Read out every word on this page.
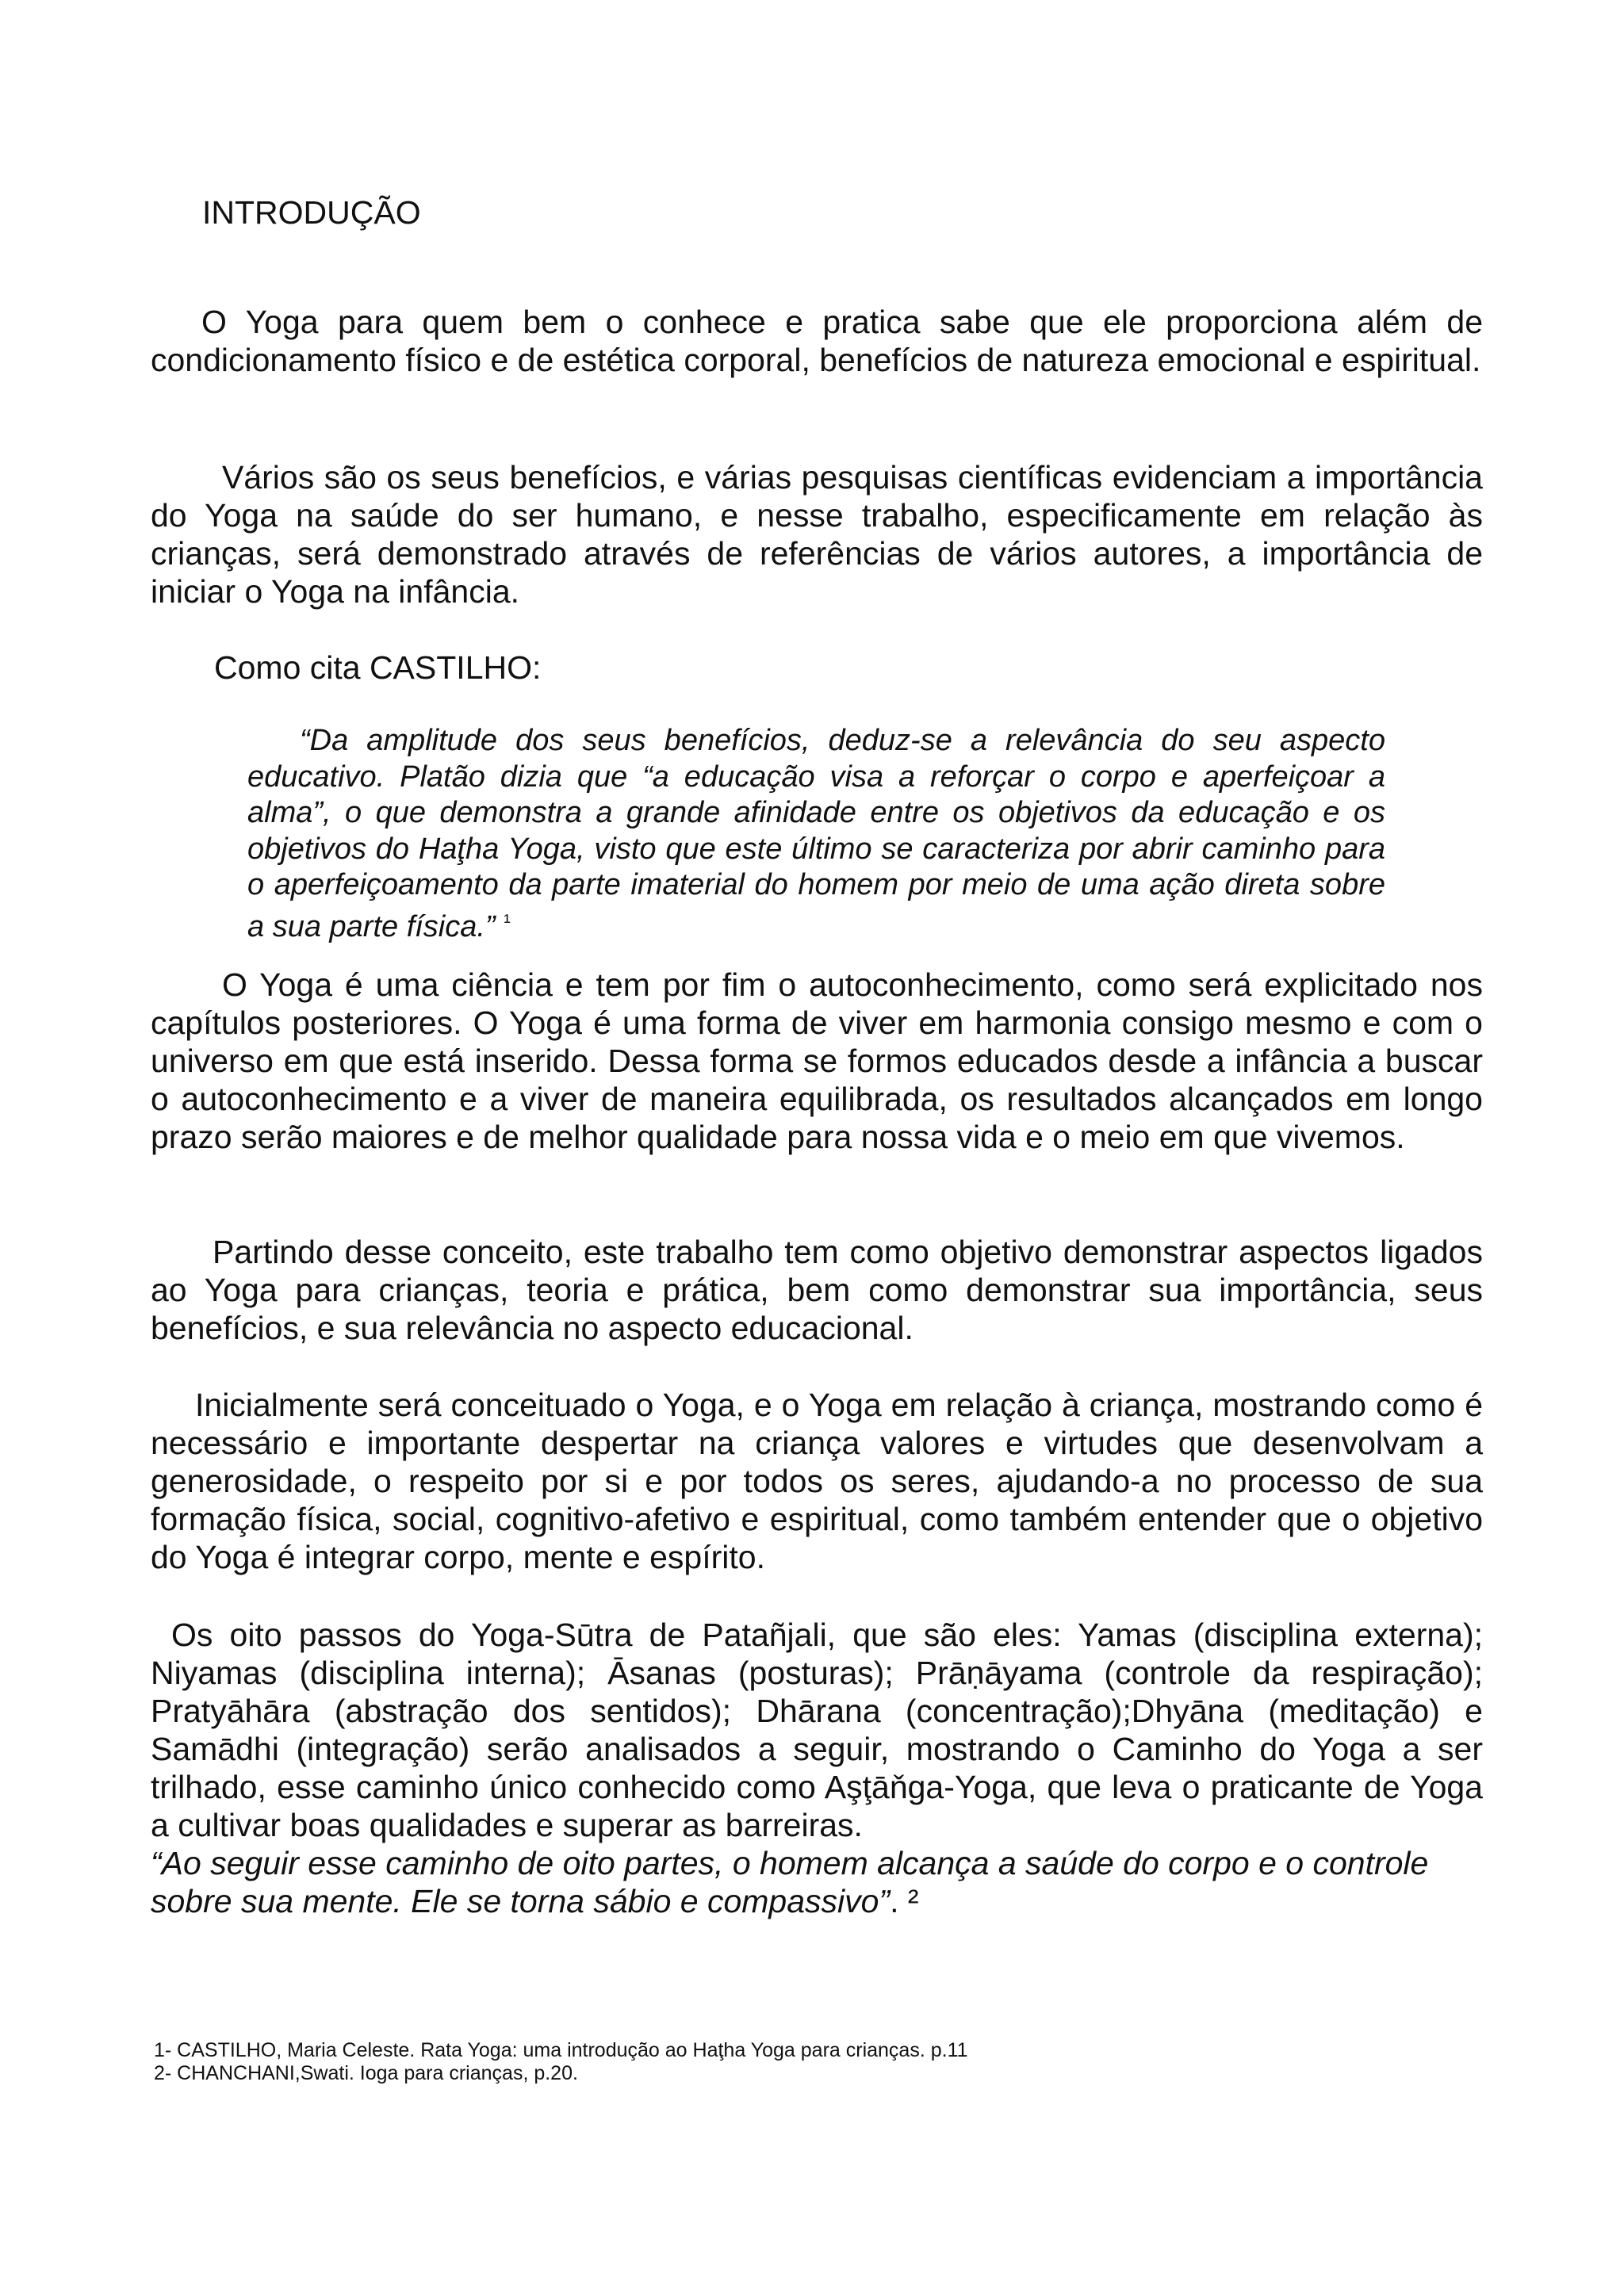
INTRODUÇÃO

O Yoga para quem bem o conhece e pratica sabe que ele proporciona além de condicionamento físico e de estética corporal, benefícios de natureza emocional e espiritual.

Vários são os seus benefícios, e várias pesquisas científicas evidenciam a importância do Yoga na saúde do ser humano, e nesse trabalho, especificamente em relação às crianças, será demonstrado através de referências de vários autores, a importância de iniciar o Yoga na infância.

Como cita CASTILHO:

“Da amplitude dos seus benefícios, deduz-se a relevância do seu aspecto educativo. Platão dizia que “a educação visa a reforçar o corpo e aperfeiçoar a alma”, o que demonstra a grande afinidade entre os objetivos da educação e os objetivos do Haţha Yoga, visto que este último se caracteriza por abrir caminho para o aperfeiçoamento da parte imaterial do homem por meio de uma ação direta sobre a sua parte física.” $^{^1}$

O Yoga é uma ciência e tem por fim o autoconhecimento, como será explicitado nos capítulos posteriores. O Yoga é uma forma de viver em harmonia consigo mesmo e com o universo em que está inserido. Dessa forma se formos educados desde a infância a buscar o autoconhecimento e a viver de maneira equilibrada, os resultados alcançados em longo prazo serão maiores e de melhor qualidade para nossa vida e o meio em que vivemos.

Partindo desse conceito, este trabalho tem como objetivo demonstrar aspectos ligados ao Yoga para crianças, teoria e prática, bem como demonstrar sua importância, seus benefícios, e sua relevância no aspecto educacional.

Inicialmente será conceituado o Yoga, e o Yoga em relação à criança, mostrando como é necessário e importante despertar na criança valores e virtudes que desenvolvam a generosidade, o respeito por si e por todos os seres, ajudando-a no processo de sua formação física, social, cognitivo-afetivo e espiritual, como também entender que o objetivo do Yoga é integrar corpo, mente e espírito.

Os oito passos do Yoga-Sūtra de Patañjali, que são eles: Yamas (disciplina externa); Niyamas (disciplina interna); Āsanas (posturas); Prāṇāyama (controle da respiração); Pratyāhāra (abstração dos sentidos); Dhārana (concentração);Dhyāna (meditação) e Samādhi (integração) serão analisados a seguir, mostrando o Caminho do Yoga a ser trilhado, esse caminho único conhecido como Aşţāňga-Yoga, que leva o praticante de Yoga a cultivar boas qualidades e superar as barreiras.

“Ao seguir esse caminho de oito partes, o homem alcança a saúde do corpo e o controle sobre sua mente. Ele se torna sábio e compassivo”. ²

1- CASTILHO, Maria Celeste. Rata Yoga: uma introdução ao Haţha Yoga para crianças. p.11
2- CHANCHANI,Swati. Ioga para crianças, p.20.
